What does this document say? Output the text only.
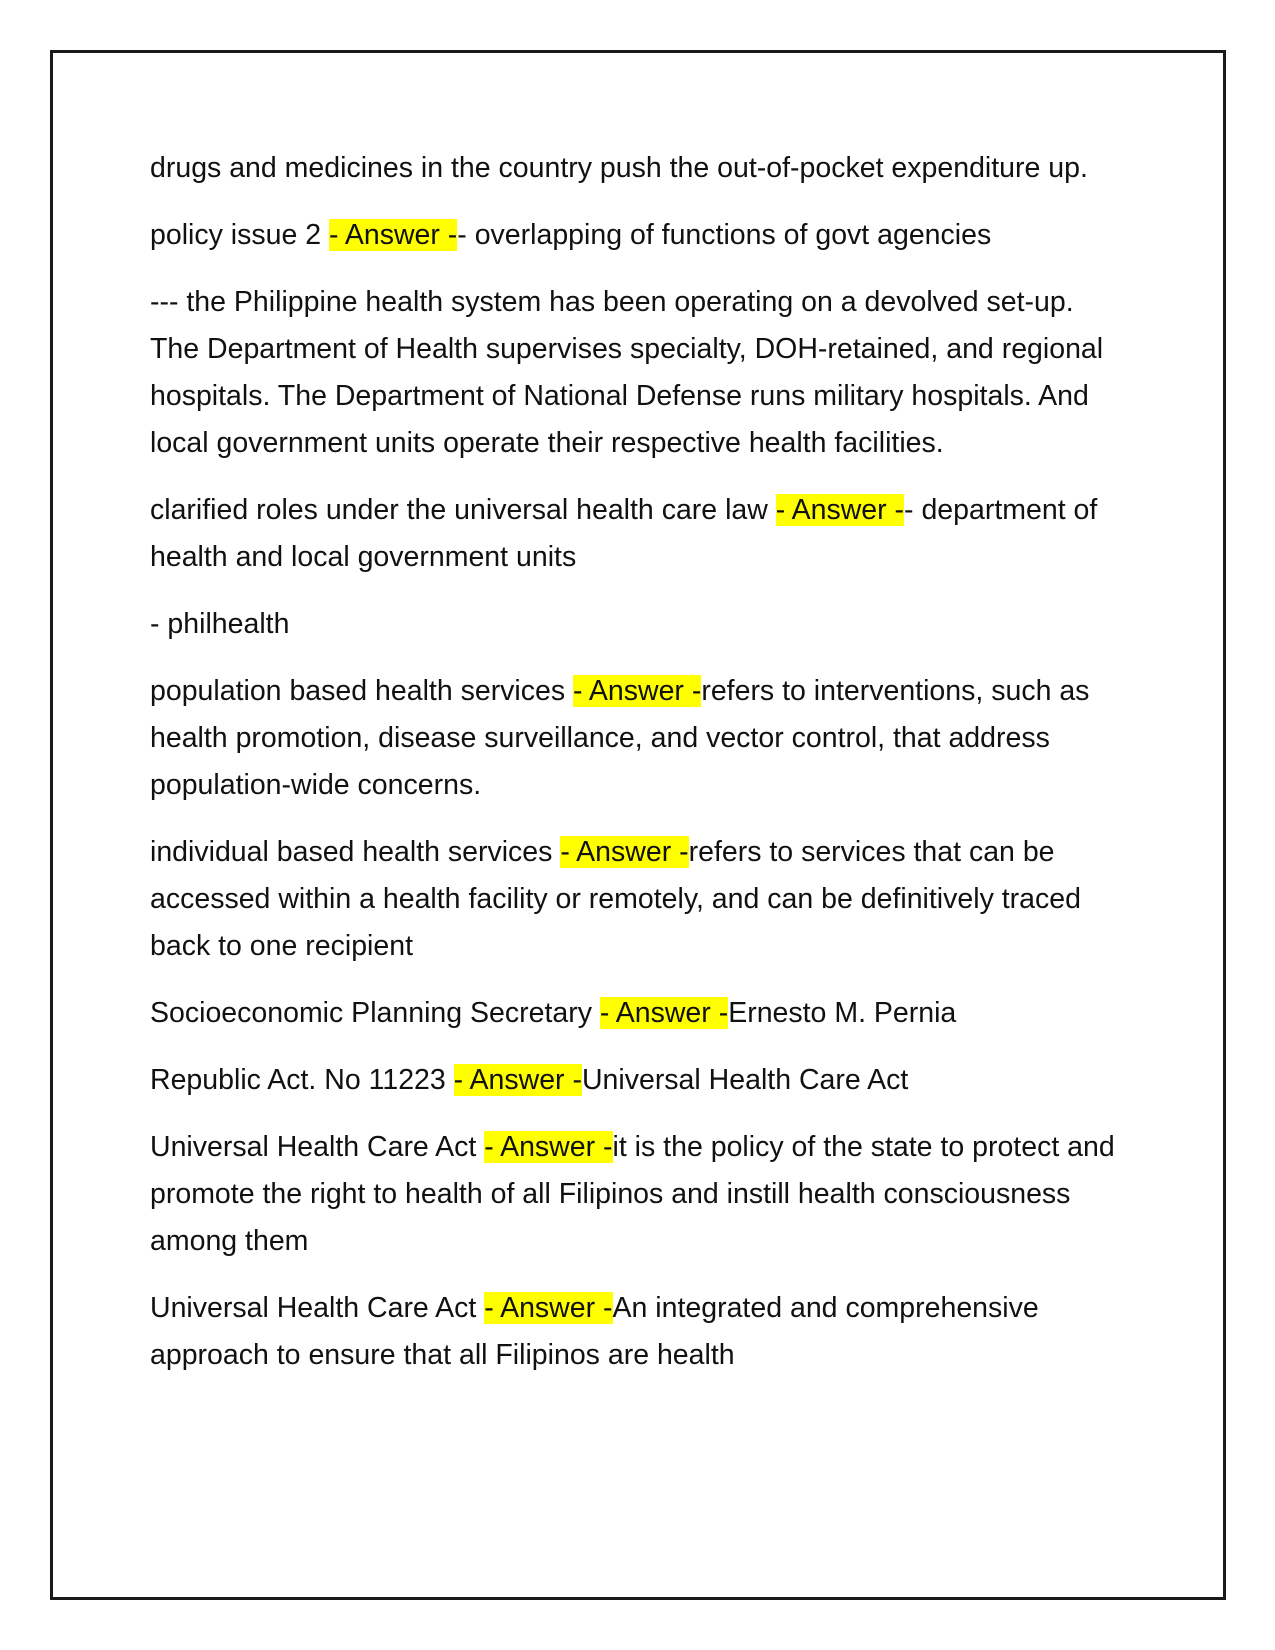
drugs and medicines in the country push the out-of-pocket expenditure up.

policy issue 2 - Answer -- overlapping of functions of govt agencies

--- the Philippine health system has been operating on a devolved set-up. The Department of Health supervises specialty, DOH-retained, and regional hospitals. The Department of National Defense runs military hospitals. And local government units operate their respective health facilities.

clarified roles under the universal health care law - Answer -- department of health and local government units

- philhealth

population based health services - Answer -refers to interventions, such as health promotion, disease surveillance, and vector control, that address population-wide concerns.

individual based health services - Answer -refers to services that can be accessed within a health facility or remotely, and can be definitively traced back to one recipient

Socioeconomic Planning Secretary - Answer -Ernesto M. Pernia

Republic Act. No 11223 - Answer -Universal Health Care Act

Universal Health Care Act - Answer -it is the policy of the state to protect and promote the right to health of all Filipinos and instill health consciousness among them

Universal Health Care Act - Answer -An integrated and comprehensive approach to ensure that all Filipinos are health
